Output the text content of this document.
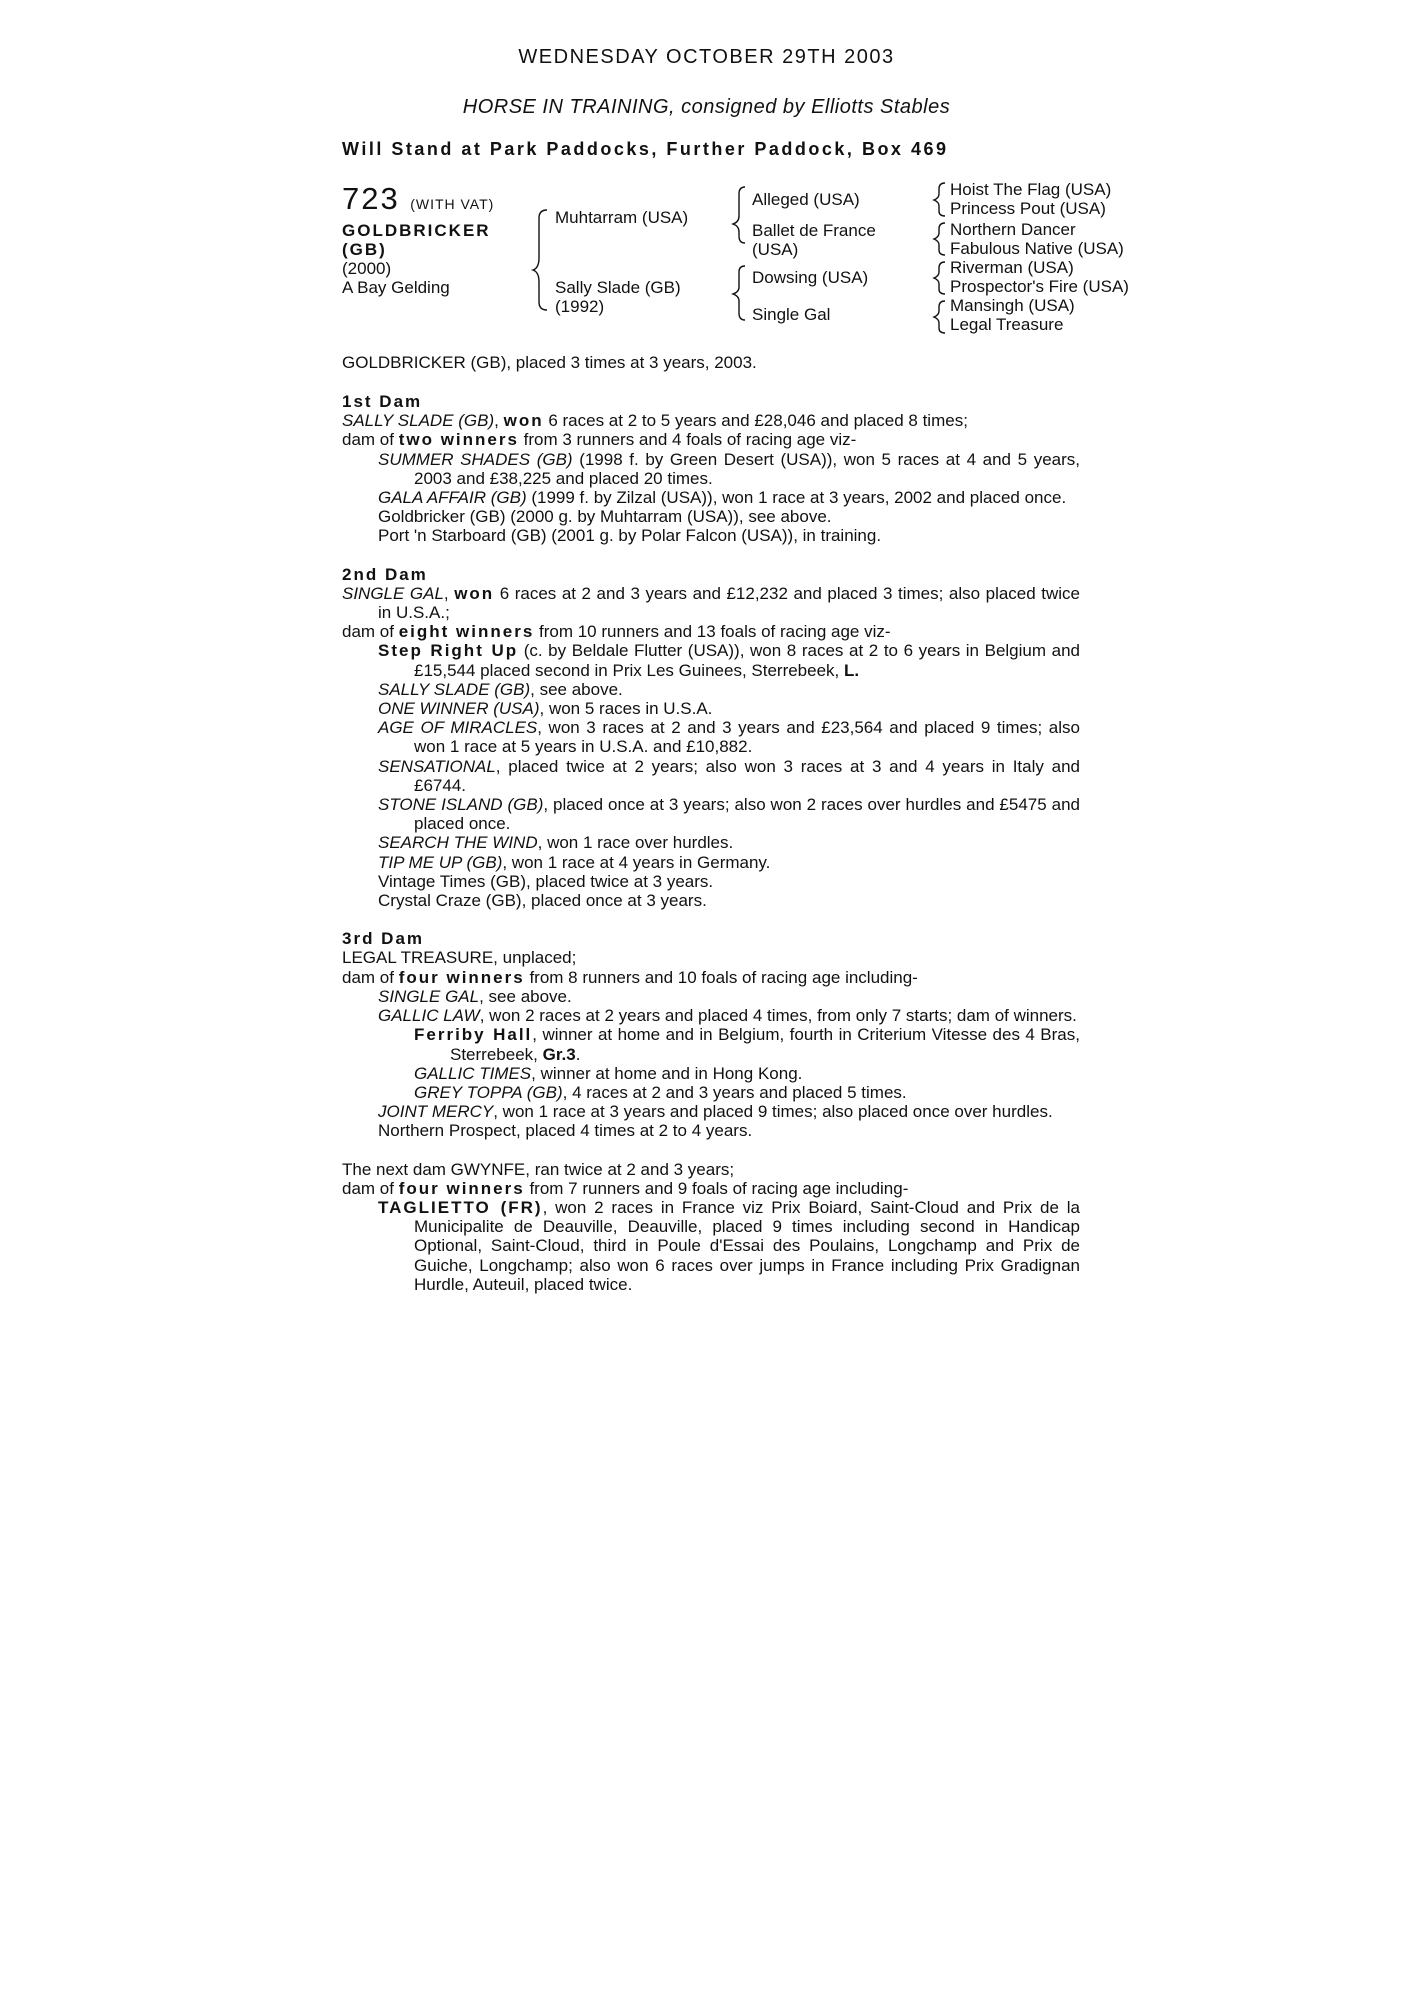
WEDNESDAY OCTOBER 29TH 2003
HORSE IN TRAINING, consigned by Elliotts Stables
Will Stand at Park Paddocks, Further Paddock, Box 469
723 (WITH VAT)
GOLDBRICKER
(GB)
(2000)
A Bay Gelding
Muhtarram (USA)
Sally Slade (GB)
(1992)
Alleged (USA)
Ballet de France
(USA)
Dowsing (USA)
Single Gal
Hoist The Flag (USA)
Princess Pout (USA)
Northern Dancer
Fabulous Native (USA)
Riverman (USA)
Prospector's Fire (USA)
Mansingh (USA)
Legal Treasure
GOLDBRICKER (GB), placed 3 times at 3 years, 2003.

1st Dam

SALLY SLADE (GB), won 6 races at 2 to 5 years and £28,046 and placed 8 times;

dam of two winners from 3 runners and 4 foals of racing age viz-

SUMMER SHADES (GB) (1998 f. by Green Desert (USA)), won 5 races at 4 and 5 years, 2003 and £38,225 and placed 20 times.

GALA AFFAIR (GB) (1999 f. by Zilzal (USA)), won 1 race at 3 years, 2002 and placed once.

Goldbricker (GB) (2000 g. by Muhtarram (USA)), see above.

Port 'n Starboard (GB) (2001 g. by Polar Falcon (USA)), in training.

2nd Dam

SINGLE GAL, won 6 races at 2 and 3 years and £12,232 and placed 3 times; also placed twice in U.S.A.;

dam of eight winners from 10 runners and 13 foals of racing age viz-

Step Right Up (c. by Beldale Flutter (USA)), won 8 races at 2 to 6 years in Belgium and £15,544 placed second in Prix Les Guinees, Sterrebeek, L.

SALLY SLADE (GB), see above.

ONE WINNER (USA), won 5 races in U.S.A.

AGE OF MIRACLES, won 3 races at 2 and 3 years and £23,564 and placed 9 times; also won 1 race at 5 years in U.S.A. and £10,882.

SENSATIONAL, placed twice at 2 years; also won 3 races at 3 and 4 years in Italy and £6744.

STONE ISLAND (GB), placed once at 3 years; also won 2 races over hurdles and £5475 and placed once.

SEARCH THE WIND, won 1 race over hurdles.

TIP ME UP (GB), won 1 race at 4 years in Germany.

Vintage Times (GB), placed twice at 3 years.

Crystal Craze (GB), placed once at 3 years.

3rd Dam

LEGAL TREASURE, unplaced;

dam of four winners from 8 runners and 10 foals of racing age including-

SINGLE GAL, see above.

GALLIC LAW, won 2 races at 2 years and placed 4 times, from only 7 starts; dam of winners.

Ferriby Hall, winner at home and in Belgium, fourth in Criterium Vitesse des 4 Bras, Sterrebeek, Gr.3.

GALLIC TIMES, winner at home and in Hong Kong.

GREY TOPPA (GB), 4 races at 2 and 3 years and placed 5 times.

JOINT MERCY, won 1 race at 3 years and placed 9 times; also placed once over hurdles.

Northern Prospect, placed 4 times at 2 to 4 years.

The next dam GWYNFE, ran twice at 2 and 3 years;

dam of four winners from 7 runners and 9 foals of racing age including-

TAGLIETTO (FR), won 2 races in France viz Prix Boiard, Saint-Cloud and Prix de la Municipalite de Deauville, Deauville, placed 9 times including second in Handicap Optional, Saint-Cloud, third in Poule d'Essai des Poulains, Longchamp and Prix de Guiche, Longchamp; also won 6 races over jumps in France including Prix Gradignan Hurdle, Auteuil, placed twice.
